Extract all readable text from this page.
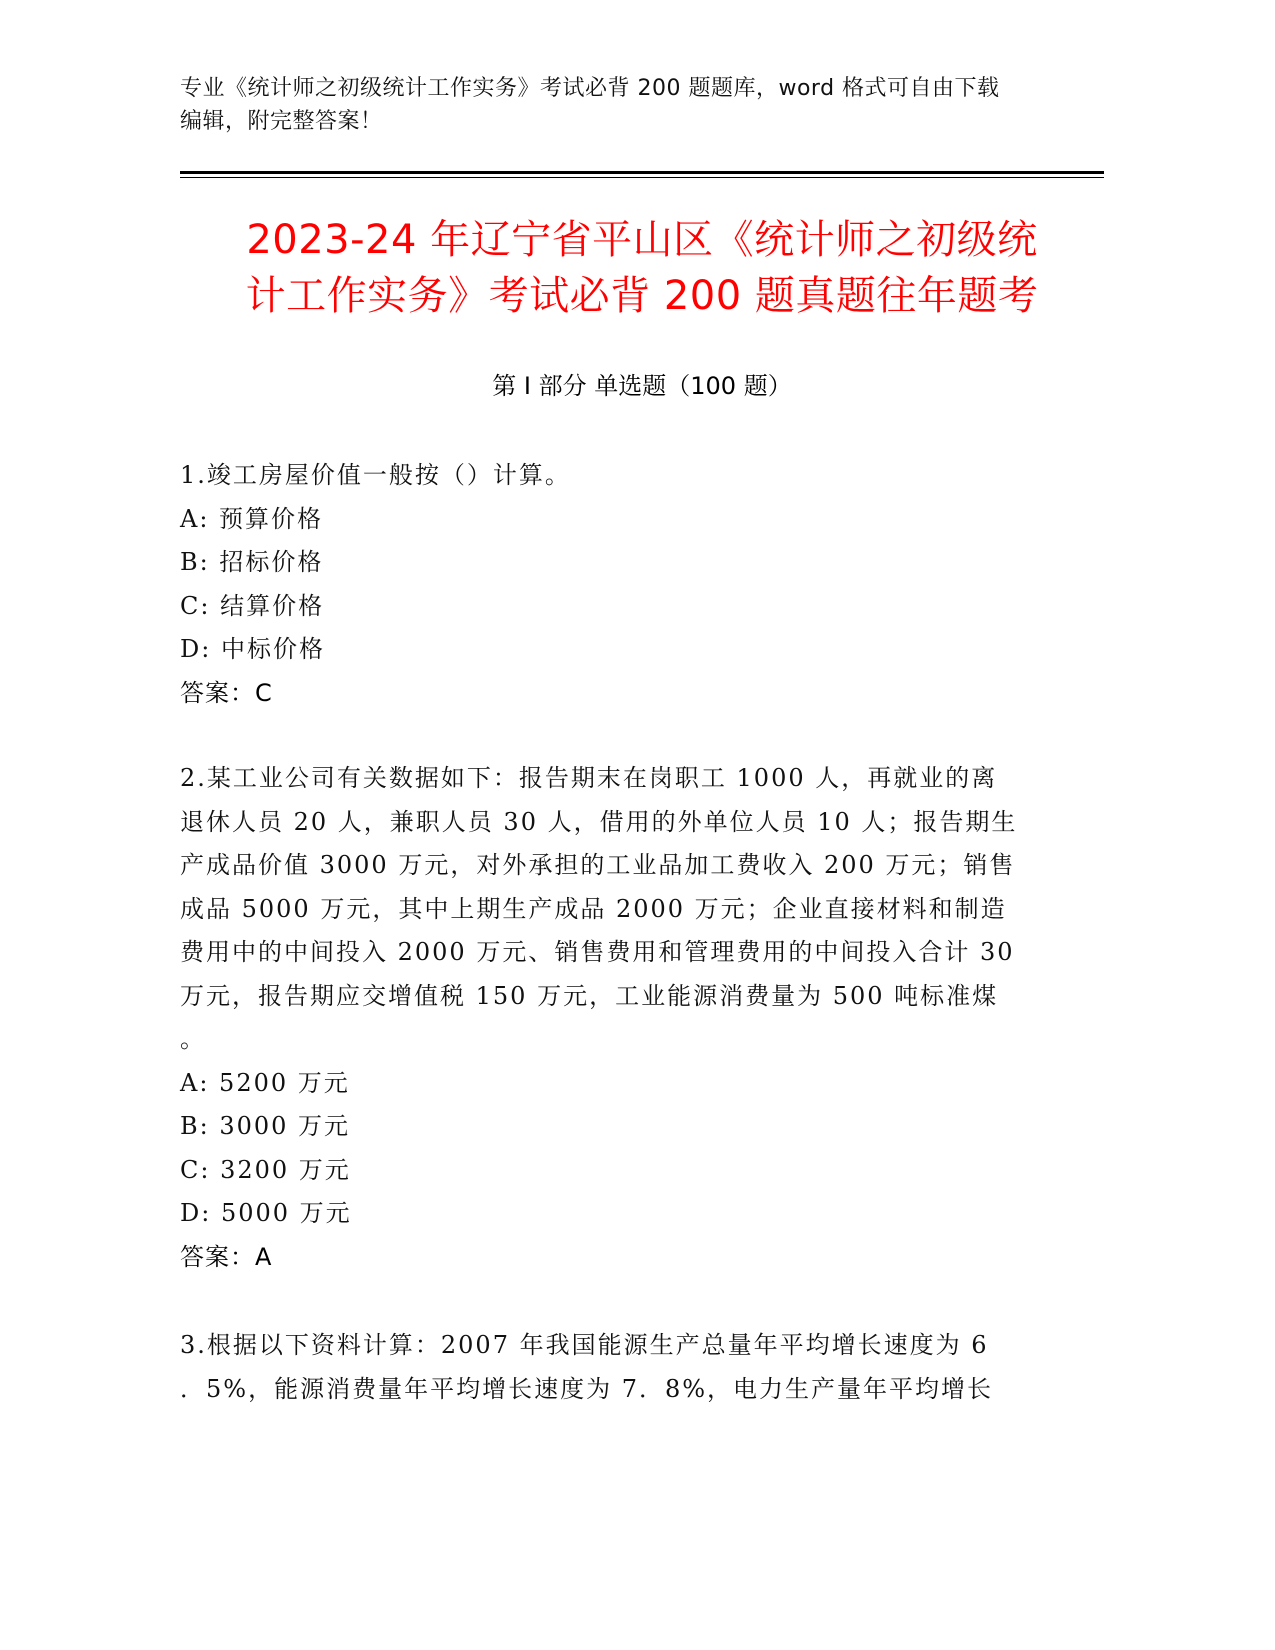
专业《统计师之初级统计工作实务》考试必背 200 题题库，word 格式可自由下载
编辑，附完整答案！
2023-24 年辽宁省平山区《统计师之初级统
计工作实务》考试必背 200 题真题往年题考
第 I 部分 单选题（100 题）
1.竣工房屋价值一般按（）计算。
A: 预算价格
B: 招标价格
C: 结算价格
D: 中标价格
答案：C
2.某工业公司有关数据如下：报告期末在岗职工 1000 人，再就业的离
退休人员 20 人，兼职人员 30 人，借用的外单位人员 10 人；报告期生
产成品价值 3000 万元，对外承担的工业品加工费收入 200 万元；销售
成品 5000 万元，其中上期生产成品 2000 万元；企业直接材料和制造
费用中的中间投入 2000 万元、销售费用和管理费用的中间投入合计 30
万元，报告期应交增值税 150 万元，工业能源消费量为 500 吨标准煤
。
A: 5200 万元
B: 3000 万元
C: 3200 万元
D: 5000 万元
答案：A
3.根据以下资料计算：2007 年我国能源生产总量年平均增长速度为 6
．5%，能源消费量年平均增长速度为 7．8%，电力生产量年平均增长
